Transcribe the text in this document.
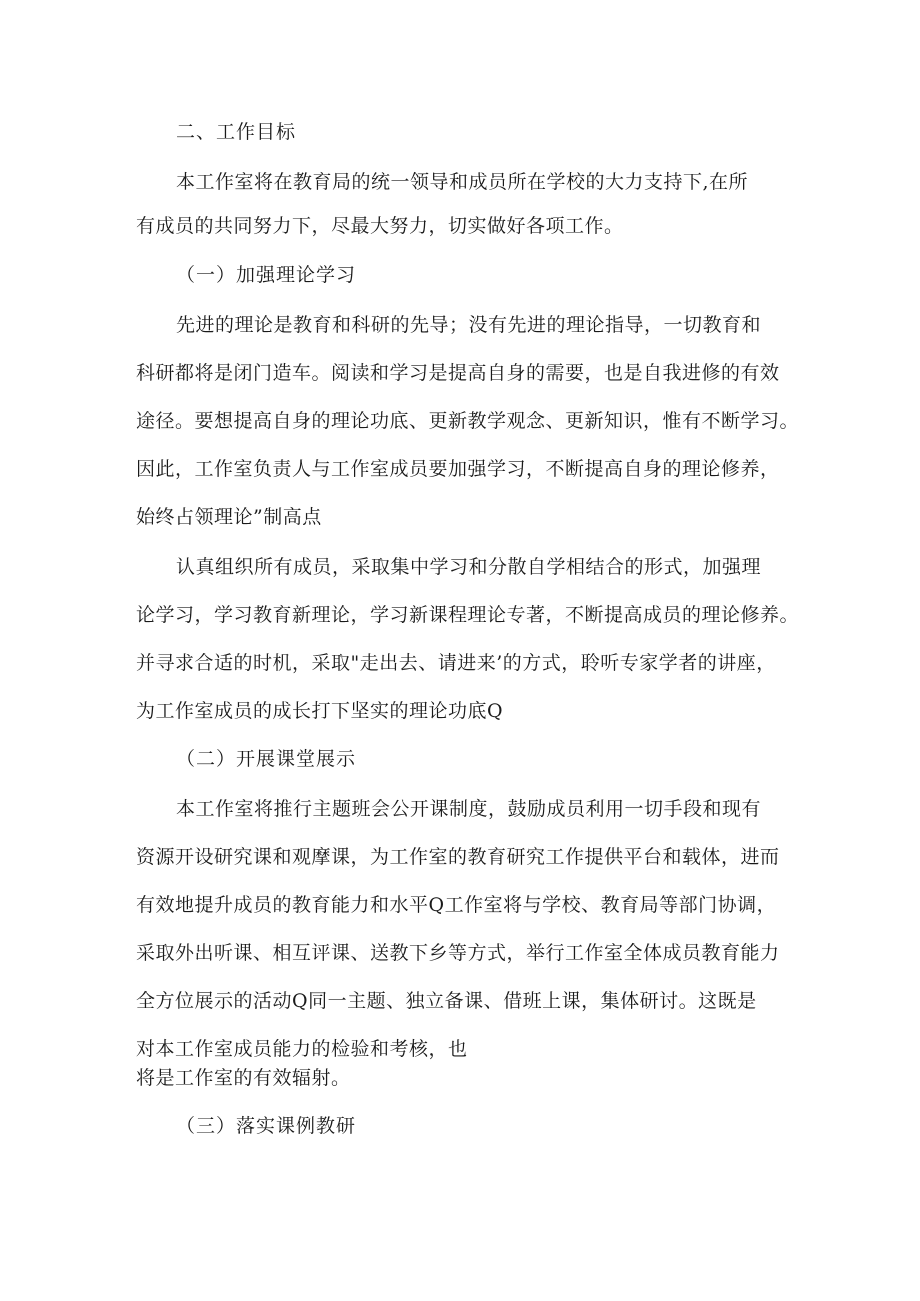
二、工作目标
本工作室将在教育局的统一领导和成员所在学校的大力支持下,在所
有成员的共同努力下，尽最大努力，切实做好各项工作。
（一）加强理论学习
先进的理论是教育和科研的先导；没有先进的理论指导，一切教育和
科研都将是闭门造车。阅读和学习是提高自身的需要，也是自我进修的有效
途径。要想提高自身的理论功底、更新教学观念、更新知识，惟有不断学习。
因此，工作室负责人与工作室成员要加强学习，不断提高自身的理论修养，
始终占领理论”制高点
认真组织所有成员，采取集中学习和分散自学相结合的形式，加强理
论学习，学习教育新理论，学习新课程理论专著，不断提高成员的理论修养。
并寻求合适的时机，采取"走出去、请进来’的方式，聆听专家学者的讲座，
为工作室成员的成长打下坚实的理论功底Q
（二）开展课堂展示
本工作室将推行主题班会公开课制度，鼓励成员利用一切手段和现有
资源开设研究课和观摩课，为工作室的教育研究工作提供平台和载体，进而
有效地提升成员的教育能力和水平Q工作室将与学校、教育局等部门协调，
采取外出听课、相互评课、送教下乡等方式，举行工作室全体成员教育能力
全方位展示的活动Q同一主题、独立备课、借班上课，集体研讨。这既是
对本工作室成员能力的检验和考核，也
将是工作室的有效辐射。
（三）落实课例教研
